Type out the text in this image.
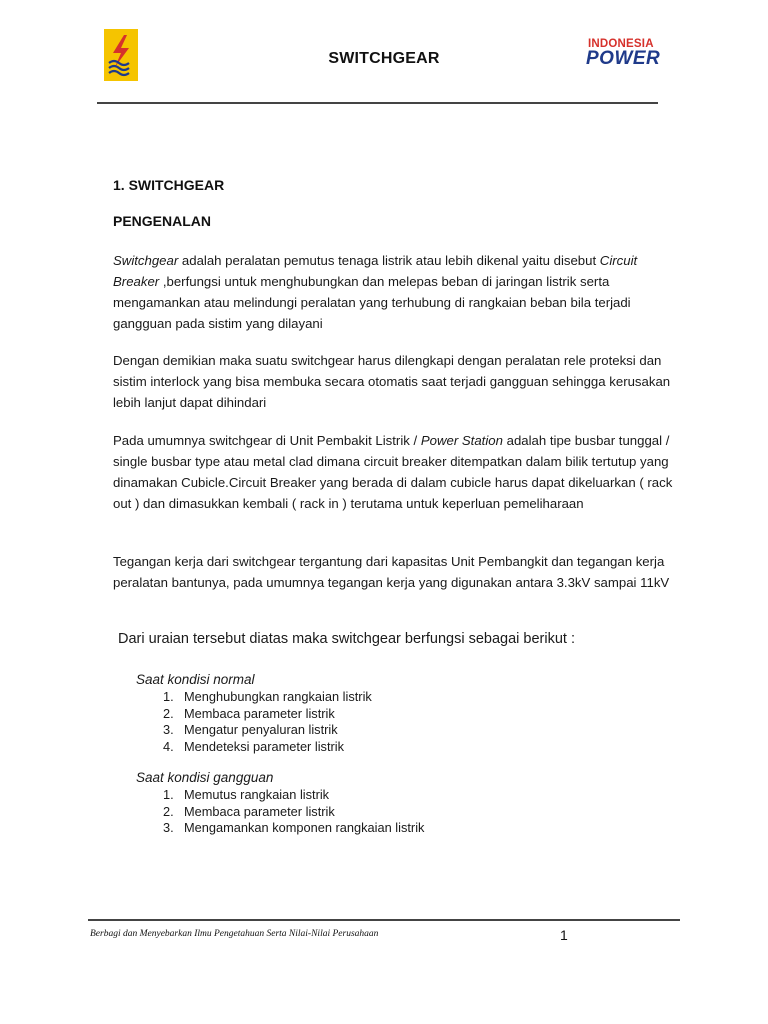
SWITCHGEAR
INDONESIA
POWER
1. SWITCHGEAR
PENGENALAN
Switchgear adalah peralatan pemutus tenaga listrik atau lebih dikenal yaitu disebut Circuit Breaker ,berfungsi untuk menghubungkan dan melepas beban di jaringan listrik serta mengamankan atau melindungi peralatan yang terhubung di rangkaian beban bila terjadi gangguan pada sistim yang dilayani
Dengan demikian maka suatu switchgear harus dilengkapi dengan peralatan rele proteksi dan sistim interlock yang bisa membuka secara otomatis saat terjadi gangguan sehingga kerusakan lebih lanjut dapat dihindari
Pada umumnya switchgear di Unit Pembakit Listrik / Power Station adalah tipe busbar tunggal / single busbar type atau metal clad dimana circuit breaker ditempatkan dalam bilik tertutup yang dinamakan Cubicle.Circuit Breaker yang berada di dalam cubicle harus dapat dikeluarkan ( rack out ) dan dimasukkan kembali ( rack in ) terutama untuk keperluan pemeliharaan
Tegangan kerja dari switchgear tergantung dari kapasitas Unit Pembangkit dan tegangan kerja peralatan bantunya, pada umumnya tegangan kerja yang digunakan antara 3.3kV sampai 11kV
Dari uraian tersebut diatas maka switchgear berfungsi sebagai berikut :
Saat kondisi normal
1. Menghubungkan rangkaian listrik
2. Membaca parameter listrik
3. Mengatur penyaluran listrik
4. Mendeteksi parameter listrik
Saat kondisi gangguan
1. Memutus rangkaian listrik
2. Membaca parameter listrik
3. Mengamankan komponen rangkaian listrik
Berbagi dan Menyebarkan Ilmu Pengetahuan Serta Nilai-Nilai Perusahaan	1
